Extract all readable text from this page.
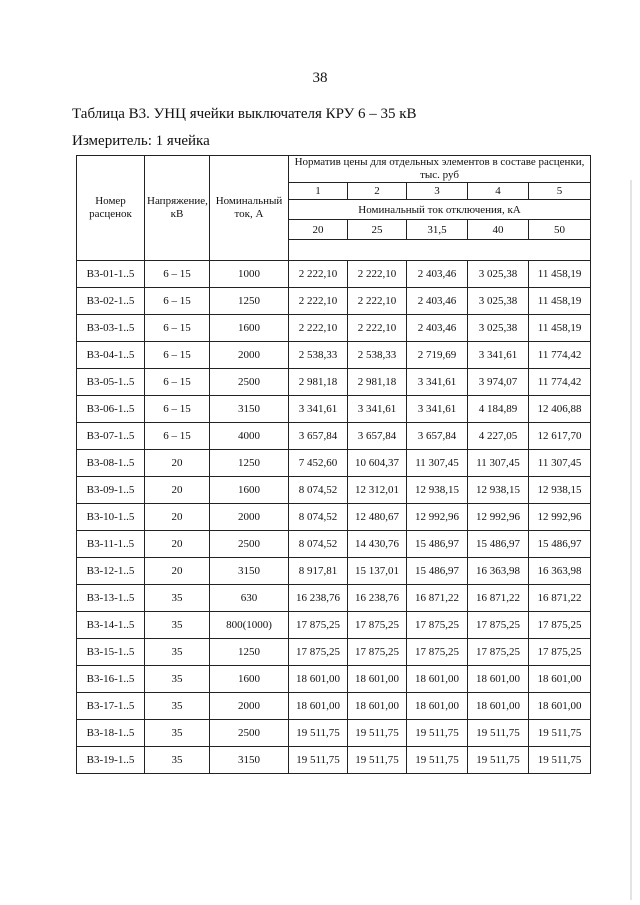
38
Таблица В3. УНЦ ячейки выключателя КРУ 6 – 35 кВ
Измеритель: 1 ячейка
Номер расценок	Напряжение, кВ	Номинальный ток, А	Норматив цены для отдельных элементов в составе расценки, тыс. руб				
			1	2	3	4	5
			Номинальный ток отключения, кА				
			20	25	31,5	40	50

В3-01-1..5	6 – 15	1000	2 222,10	2 222,10	2 403,46	3 025,38	11 458,19
В3-02-1..5	6 – 15	1250	2 222,10	2 222,10	2 403,46	3 025,38	11 458,19
В3-03-1..5	6 – 15	1600	2 222,10	2 222,10	2 403,46	3 025,38	11 458,19
В3-04-1..5	6 – 15	2000	2 538,33	2 538,33	2 719,69	3 341,61	11 774,42
В3-05-1..5	6 – 15	2500	2 981,18	2 981,18	3 341,61	3 974,07	11 774,42
В3-06-1..5	6 – 15	3150	3 341,61	3 341,61	3 341,61	4 184,89	12 406,88
В3-07-1..5	6 – 15	4000	3 657,84	3 657,84	3 657,84	4 227,05	12 617,70
В3-08-1..5	20	1250	7 452,60	10 604,37	11 307,45	11 307,45	11 307,45
В3-09-1..5	20	1600	8 074,52	12 312,01	12 938,15	12 938,15	12 938,15
В3-10-1..5	20	2000	8 074,52	12 480,67	12 992,96	12 992,96	12 992,96
В3-11-1..5	20	2500	8 074,52	14 430,76	15 486,97	15 486,97	15 486,97
В3-12-1..5	20	3150	8 917,81	15 137,01	15 486,97	16 363,98	16 363,98
В3-13-1..5	35	630	16 238,76	16 238,76	16 871,22	16 871,22	16 871,22
В3-14-1..5	35	800(1000)	17 875,25	17 875,25	17 875,25	17 875,25	17 875,25
В3-15-1..5	35	1250	17 875,25	17 875,25	17 875,25	17 875,25	17 875,25
В3-16-1..5	35	1600	18 601,00	18 601,00	18 601,00	18 601,00	18 601,00
В3-17-1..5	35	2000	18 601,00	18 601,00	18 601,00	18 601,00	18 601,00
В3-18-1..5	35	2500	19 511,75	19 511,75	19 511,75	19 511,75	19 511,75
В3-19-1..5	35	3150	19 511,75	19 511,75	19 511,75	19 511,75	19 511,75
